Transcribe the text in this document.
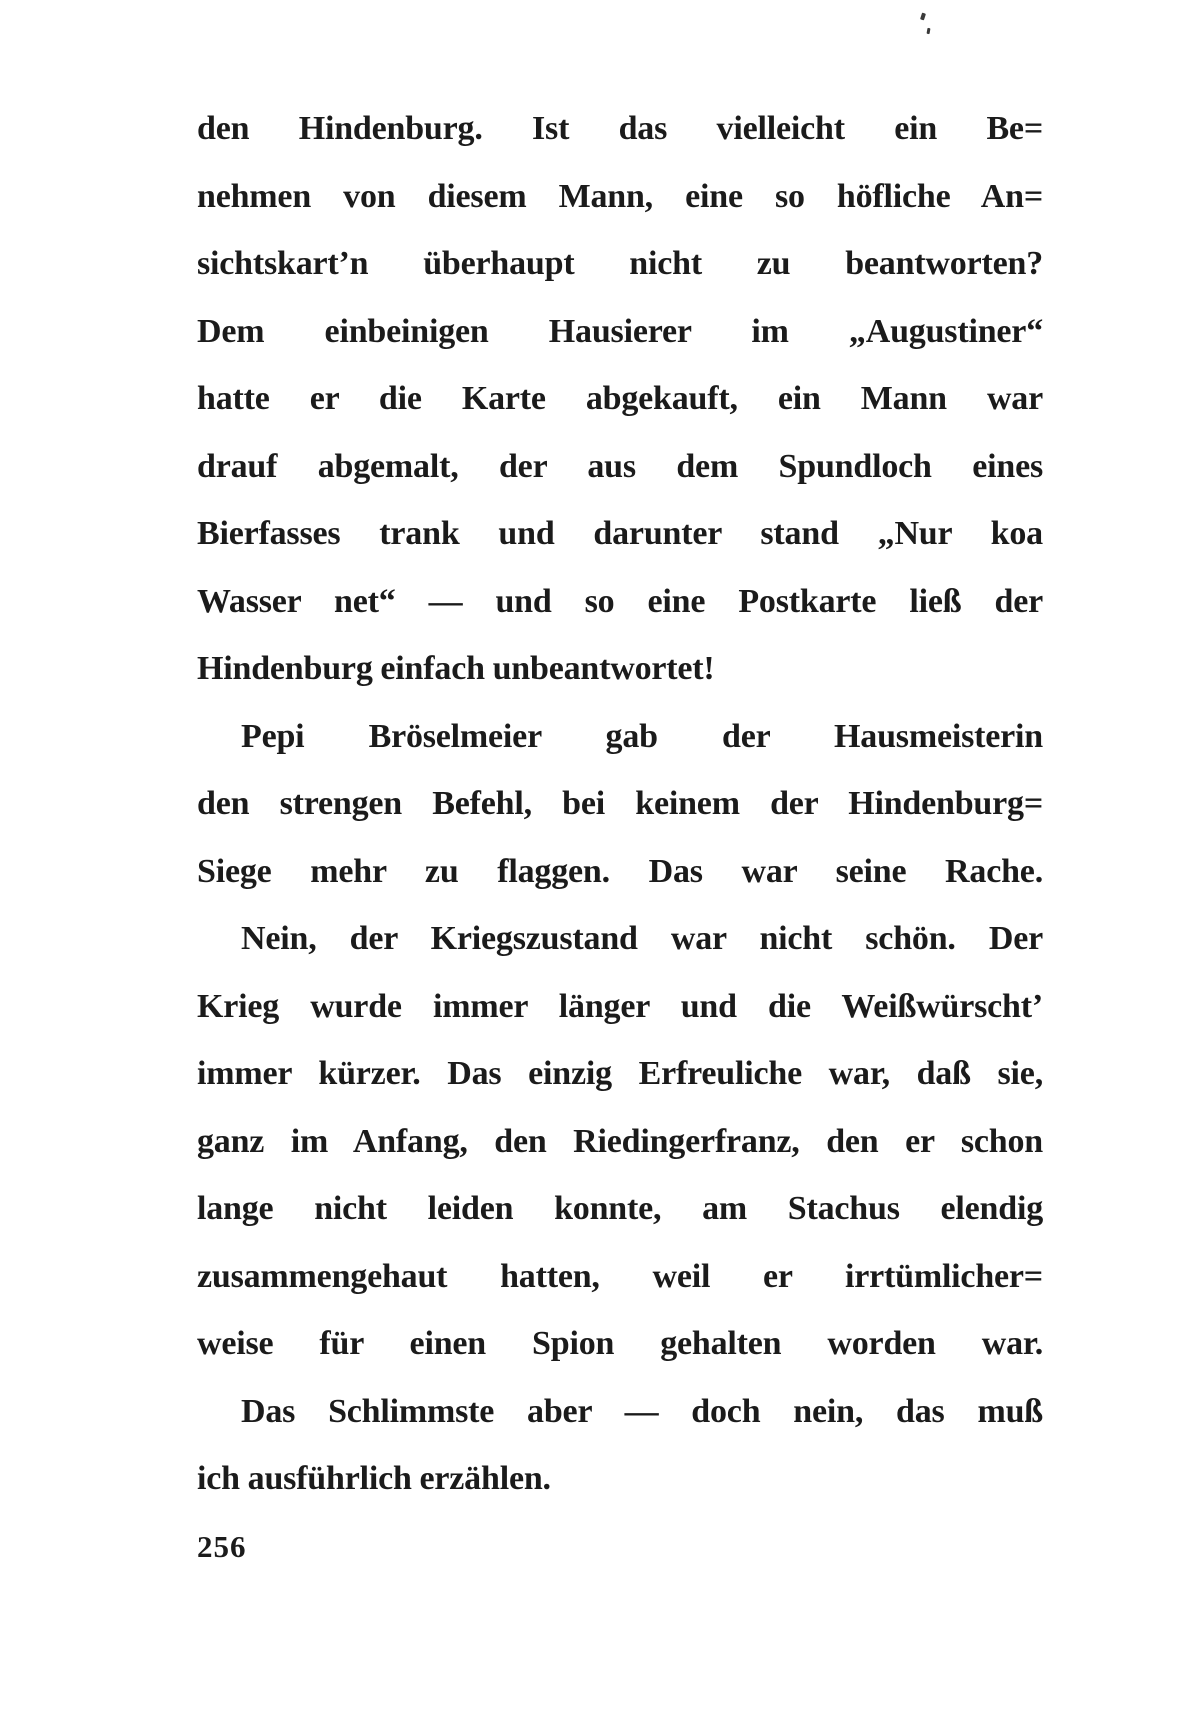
den Hindenburg. Ist das vielleicht ein Be=
nehmen von diesem Mann, eine so höfliche An=
sichtskart’n überhaupt nicht zu beantworten?
Dem einbeinigen Hausierer im „Augustiner“
hatte er die Karte abgekauft, ein Mann war
drauf abgemalt, der aus dem Spundloch eines
Bierfasses trank und darunter stand „Nur koa
Wasser net“ — und so eine Postkarte ließ der
Hindenburg einfach unbeantwortet!

Pepi Bröselmeier gab der Hausmeisterin
den strengen Befehl, bei keinem der Hindenburg=
Siege mehr zu flaggen. Das war seine Rache.

Nein, der Kriegszustand war nicht schön. Der
Krieg wurde immer länger und die Weißwürscht’
immer kürzer. Das einzig Erfreuliche war, daß sie,
ganz im Anfang, den Riedingerfranz, den er schon
lange nicht leiden konnte, am Stachus elendig
zusammengehaut hatten, weil er irrtümlicher=
weise für einen Spion gehalten worden war.

Das Schlimmste aber — doch nein, das muß
ich ausführlich erzählen.

256
